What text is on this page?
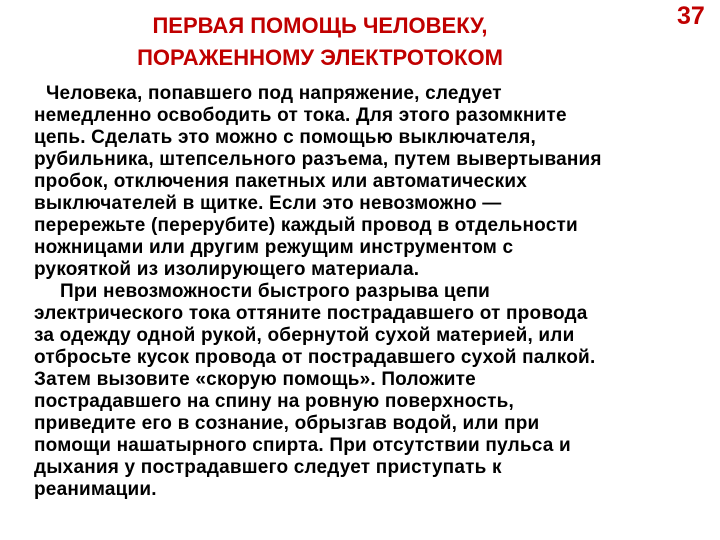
37
ПЕРВАЯ ПОМОЩЬ ЧЕЛОВЕКУ,
ПОРАЖЕННОМУ ЭЛЕКТРОТОКОМ
Человека, попавшего под напряжение, следует
немедленно освободить от тока. Для этого разомкните
цепь. Сделать это можно с помощью выключателя,
рубильника, штепсельного разъема, путем вывертывания
пробок, отключения пакетных или автоматических
выключателей в щитке. Если это невозможно —
перережьте (перерубите) каждый провод в отдельности
ножницами или другим режущим инструментом с
рукояткой из изолирующего материала.
При невозможности быстрого разрыва цепи
электрического тока оттяните пострадавшего от провода
за одежду одной рукой, обернутой сухой материей, или
отбросьте кусок провода от пострадавшего сухой палкой.
Затем вызовите «скорую помощь». Положите
пострадавшего на спину на ровную поверхность,
приведите его в сознание, обрызгав водой, или при
помощи нашатырного спирта. При отсутствии пульса и
дыхания у пострадавшего следует приступать к
реанимации.
